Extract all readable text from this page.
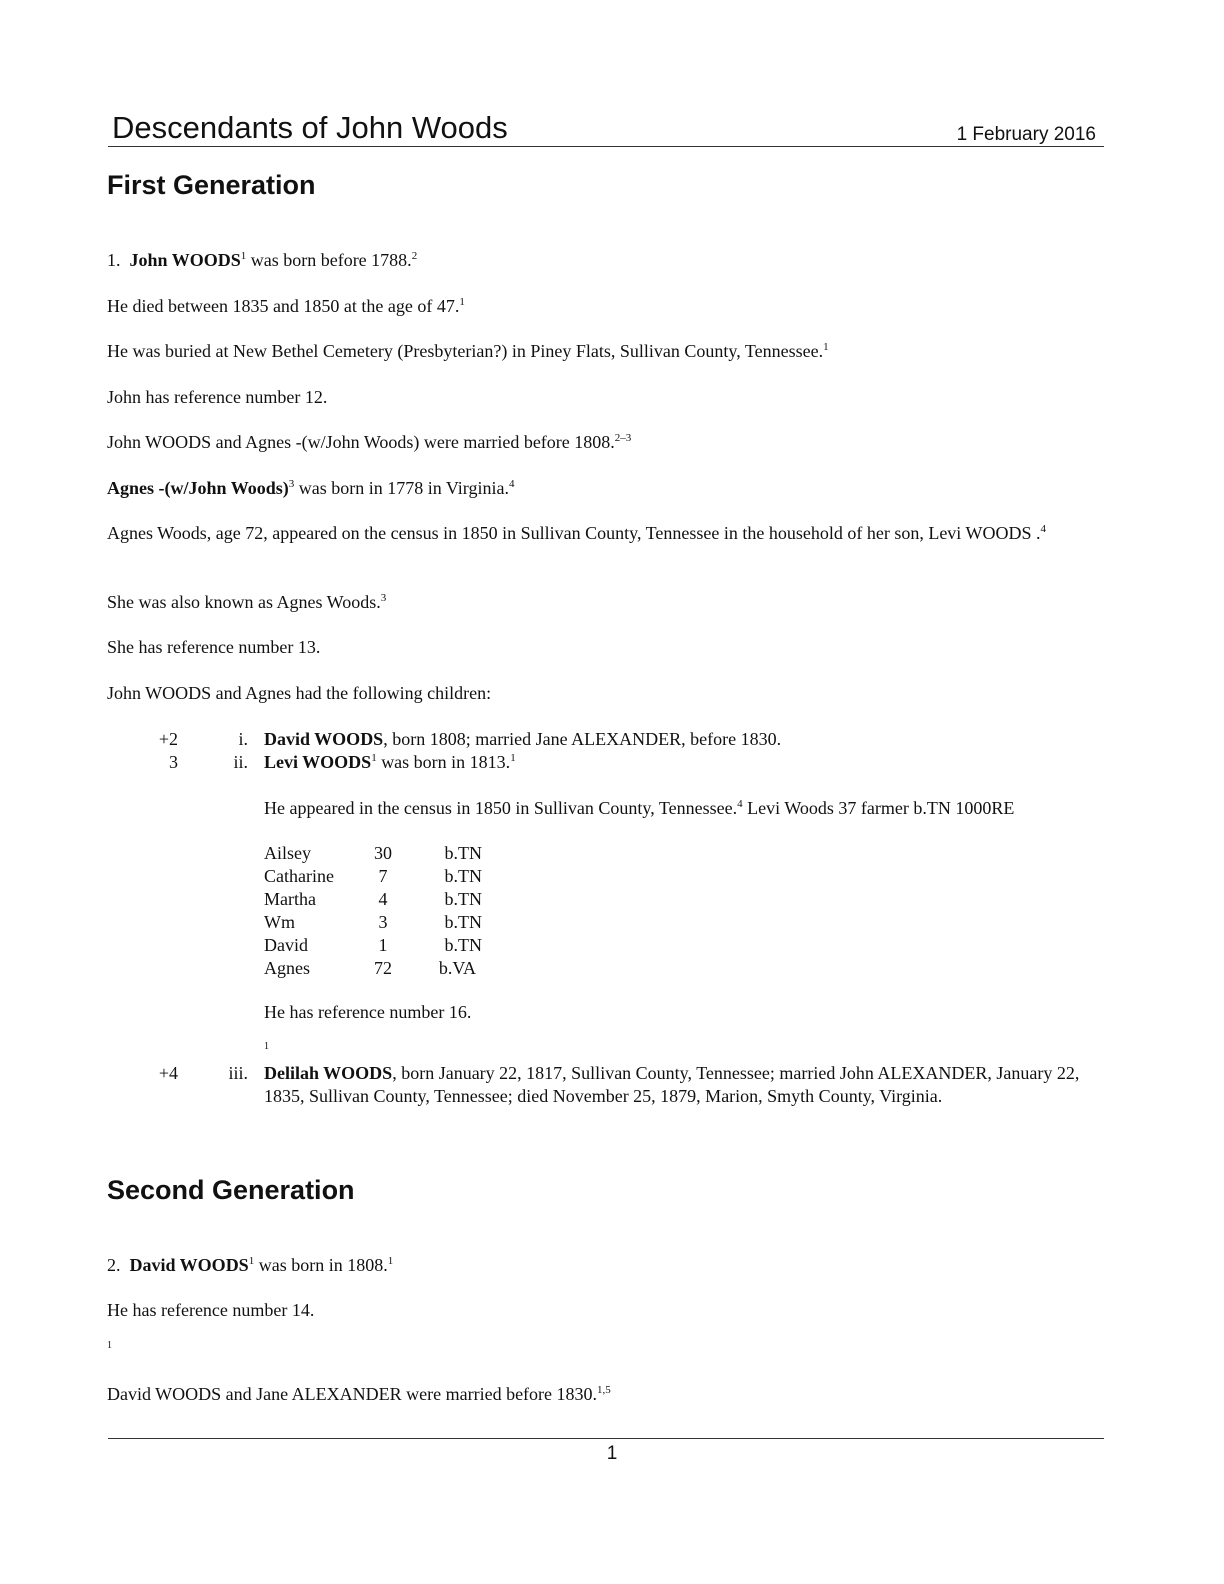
Descendants of John Woods	1 February 2016
First Generation
1. John WOODS$^1$ was born before 1788.$^2$
He died between 1835 and 1850 at the age of 47.$^1$
He was buried at New Bethel Cemetery (Presbyterian?) in Piney Flats, Sullivan County, Tennessee.$^1$
John has reference number 12.
John WOODS and Agnes -(w/John Woods) were married before 1808.$^{2-3}$
Agnes -(w/John Woods)$^3$ was born in 1778 in Virginia.$^4$
Agnes Woods, age 72, appeared on the census in 1850 in Sullivan County, Tennessee in the household of her son, Levi WOODS .$^4$
She was also known as Agnes Woods.$^3$
She has reference number 13.
John WOODS and Agnes had the following children:
+2	i. David WOODS, born 1808; married Jane ALEXANDER, before 1830.
3	ii. Levi WOODS$^1$ was born in 1813.$^1$
He appeared in the census in 1850 in Sullivan County, Tennessee.$^4$ Levi Woods 37 farmer b.TN 1000RE
Ailsey	30	b.TN
Catharine	7	b.TN
Martha	4	b.TN
Wm	3	b.TN
David	1	b.TN
Agnes	72	b.VA
He has reference number 16.
1
+4	iii. Delilah WOODS, born January 22, 1817, Sullivan County, Tennessee; married John ALEXANDER, January 22, 1835, Sullivan County, Tennessee; died November 25, 1879, Marion, Smyth County, Virginia.
Second Generation
2. David WOODS$^1$ was born in 1808.$^1$
He has reference number 14.
1
David WOODS and Jane ALEXANDER were married before 1830.$^{1,5}$
1
